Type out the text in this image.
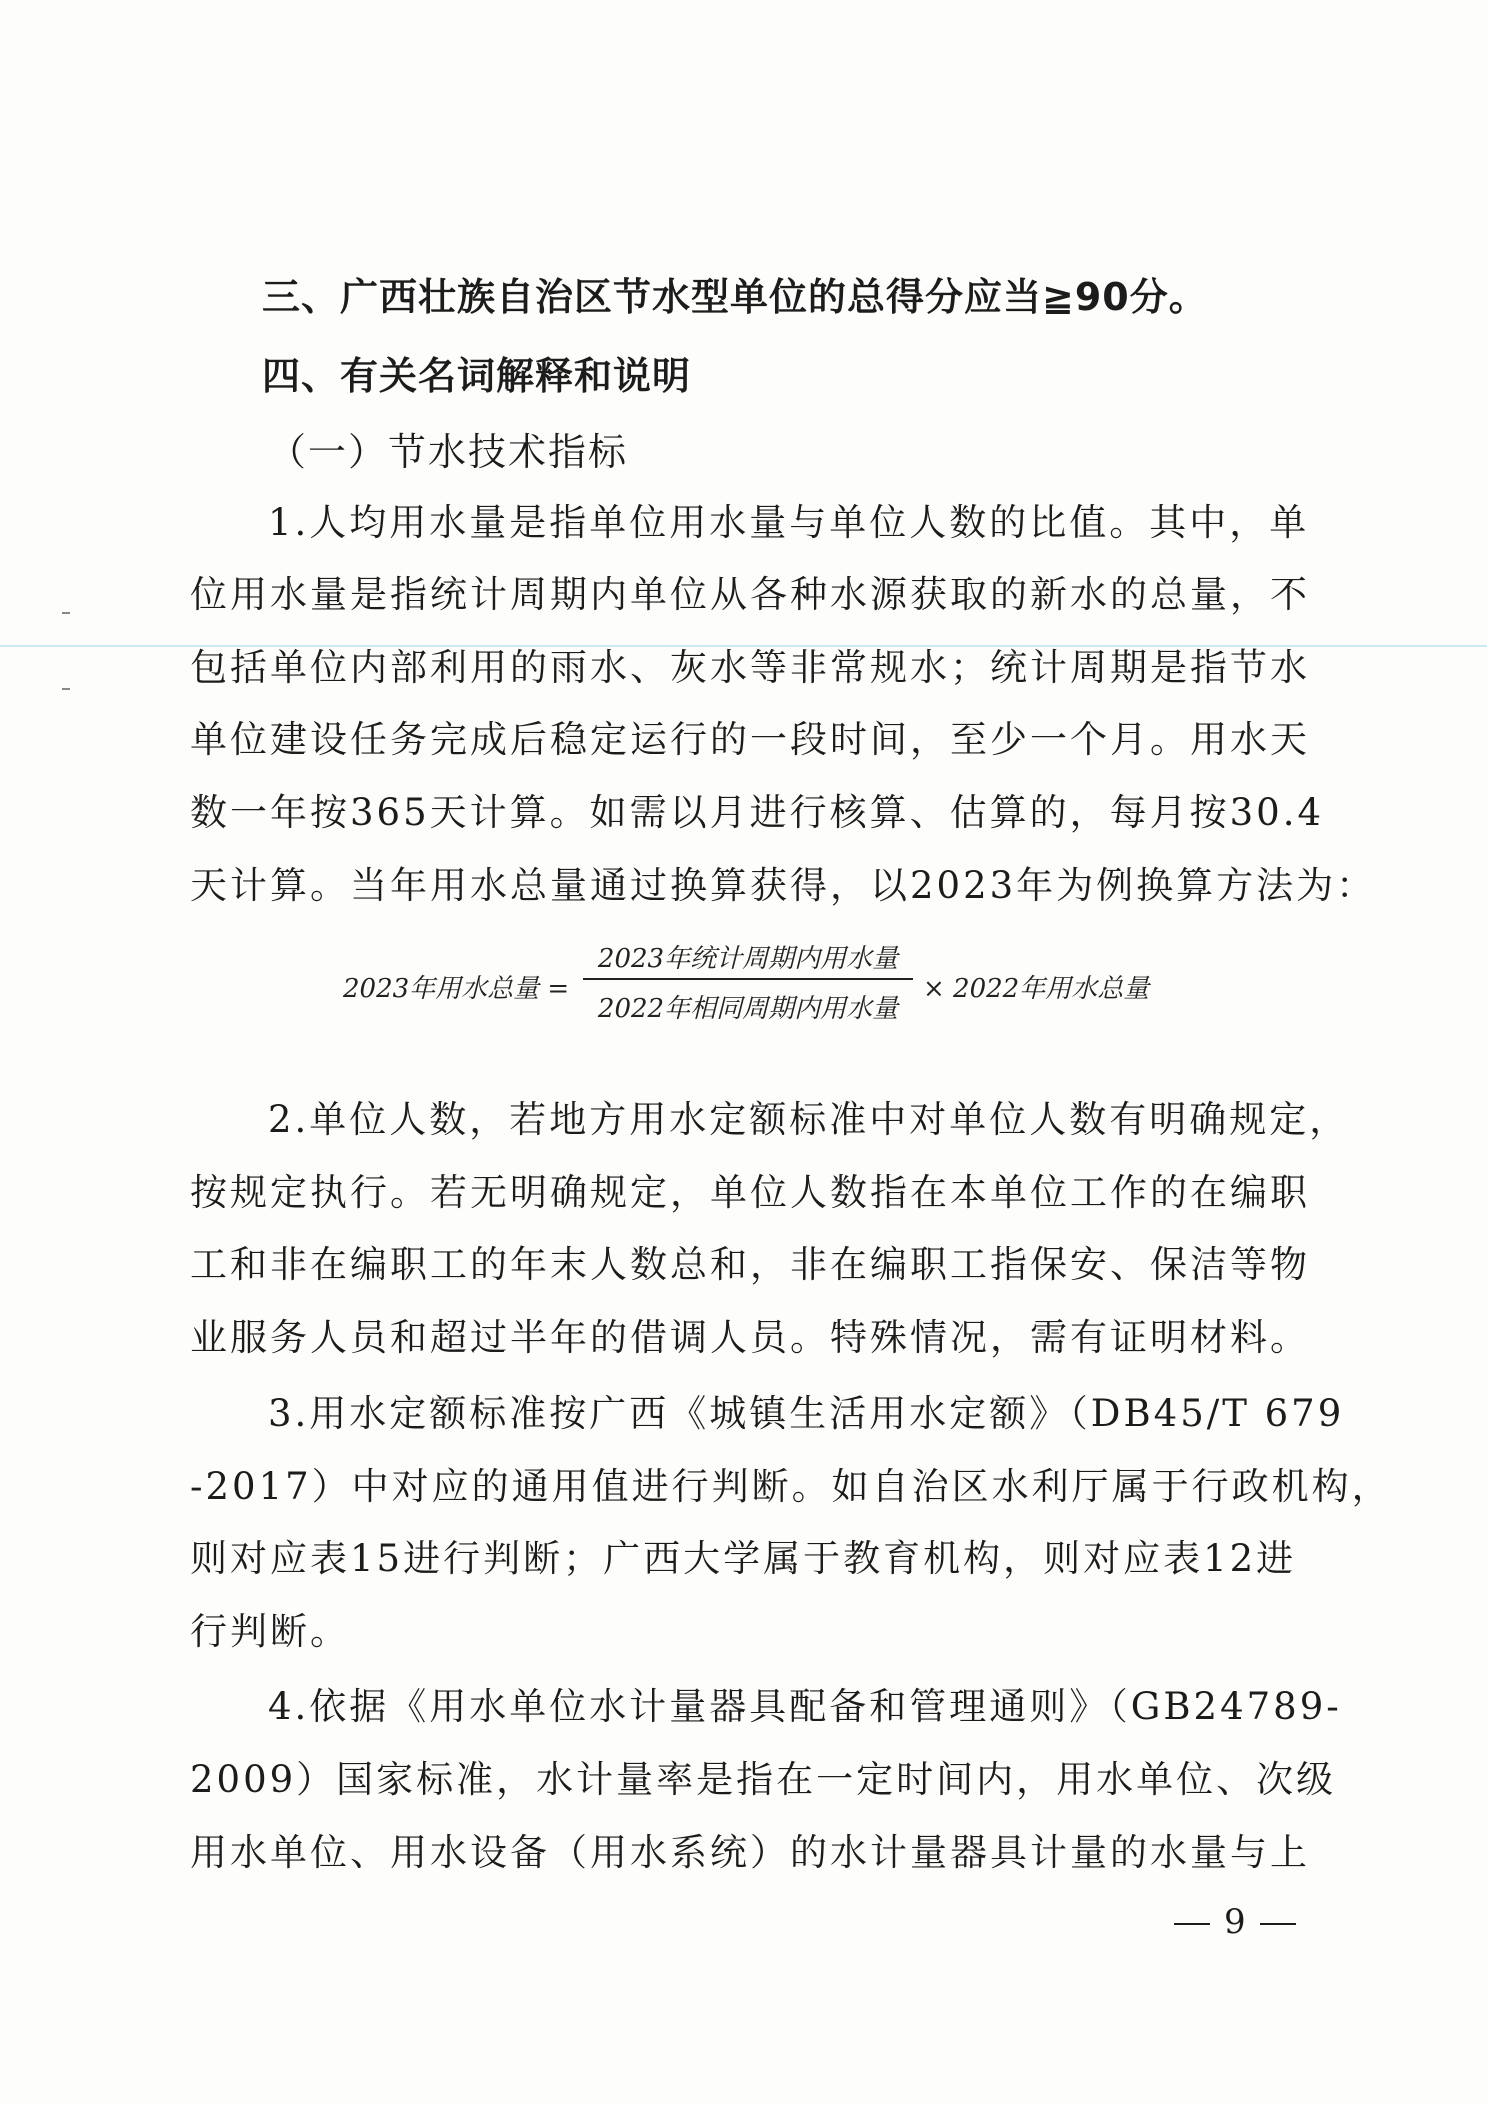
三、广西壮族自治区节水型单位的总得分应当≧90分。
四、有关名词解释和说明
（一）节水技术指标
1.人均用水量是指单位用水量与单位人数的比值。其中，单
位用水量是指统计周期内单位从各种水源获取的新水的总量，不
包括单位内部利用的雨水、灰水等非常规水；统计周期是指节水
单位建设任务完成后稳定运行的一段时间，至少一个月。用水天
数一年按365天计算。如需以月进行核算、估算的，每月按30.4
天计算。当年用水总量通过换算获得，以2023年为例换算方法为：
2023年用水总量 =
2023年统计周期内用水量
2022年相同周期内用水量
× 2022年用水总量
2.单位人数，若地方用水定额标准中对单位人数有明确规定，
按规定执行。若无明确规定，单位人数指在本单位工作的在编职
工和非在编职工的年末人数总和，非在编职工指保安、保洁等物
业服务人员和超过半年的借调人员。特殊情况，需有证明材料。
3.用水定额标准按广西《城镇生活用水定额》（DB45/T 679
-2017）中对应的通用值进行判断。如自治区水利厅属于行政机构，
则对应表15进行判断；广西大学属于教育机构，则对应表12进
行判断。
4.依据《用水单位水计量器具配备和管理通则》（GB24789-
2009）国家标准，水计量率是指在一定时间内，用水单位、次级
用水单位、用水设备（用水系统）的水计量器具计量的水量与上
9
